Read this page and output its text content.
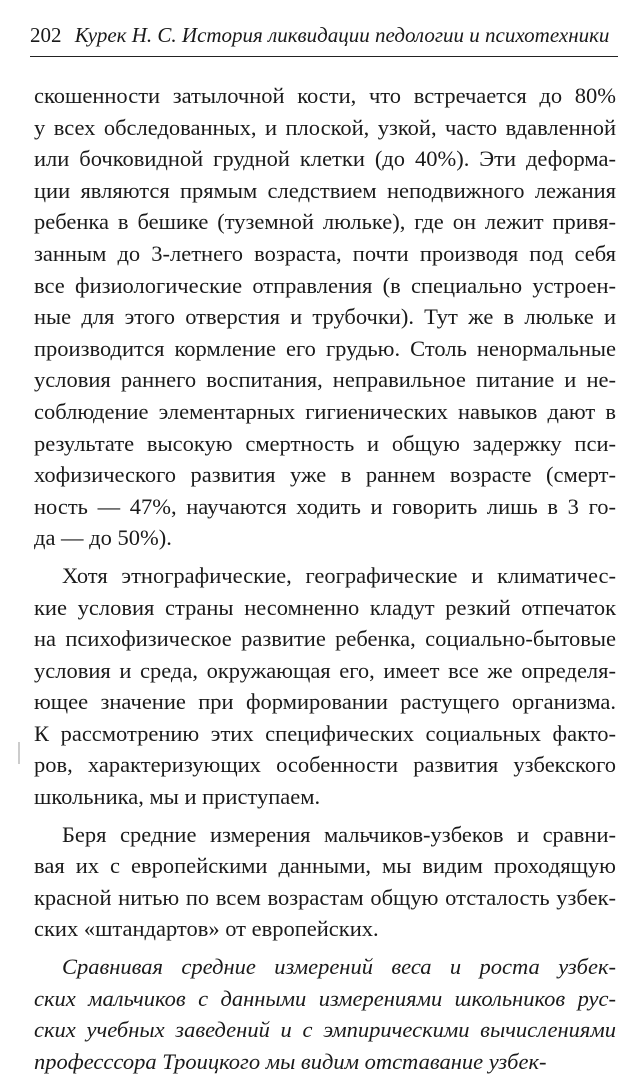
202 Курек Н. С. История ликвидации педологии и психотехники
скошенности затылочной кости, что встречается до 80%
у всех обследованных, и плоской, узкой, часто вдавленной
или бочковидной грудной клетки (до 40%). Эти деформа-
ции являются прямым следствием неподвижного лежания
ребенка в бешике (туземной люльке), где он лежит привя-
занным до 3-летнего возраста, почти производя под себя
все физиологические отправления (в специально устроен-
ные для этого отверстия и трубочки). Тут же в люльке и
производится кормление его грудью. Столь ненормальные
условия раннего воспитания, неправильное питание и не-
соблюдение элементарных гигиенических навыков дают в
результате высокую смертность и общую задержку пси-
хофизического развития уже в раннем возрасте (смерт-
ность — 47%, научаются ходить и говорить лишь в 3 го-
да — до 50%).
Хотя этнографические, географические и климатичес-
кие условия страны несомненно кладут резкий отпечаток
на психофизическое развитие ребенка, социально-бытовые
условия и среда, окружающая его, имеет все же определя-
ющее значение при формировании растущего организма.
К рассмотрению этих специфических социальных факто-
ров, характеризующих особенности развития узбекского
школьника, мы и приступаем.
Беря средние измерения мальчиков-узбеков и сравни-
вая их с европейскими данными, мы видим проходящую
красной нитью по всем возрастам общую отсталость узбек-
ских «штандартов» от европейских.
Сравнивая средние измерений веса и роста узбек-
ских мальчиков с данными измерениями школьников рус-
ских учебных заведений и с эмпирическими вычислениями
професссора Троицкого мы видим отставание узбек-
